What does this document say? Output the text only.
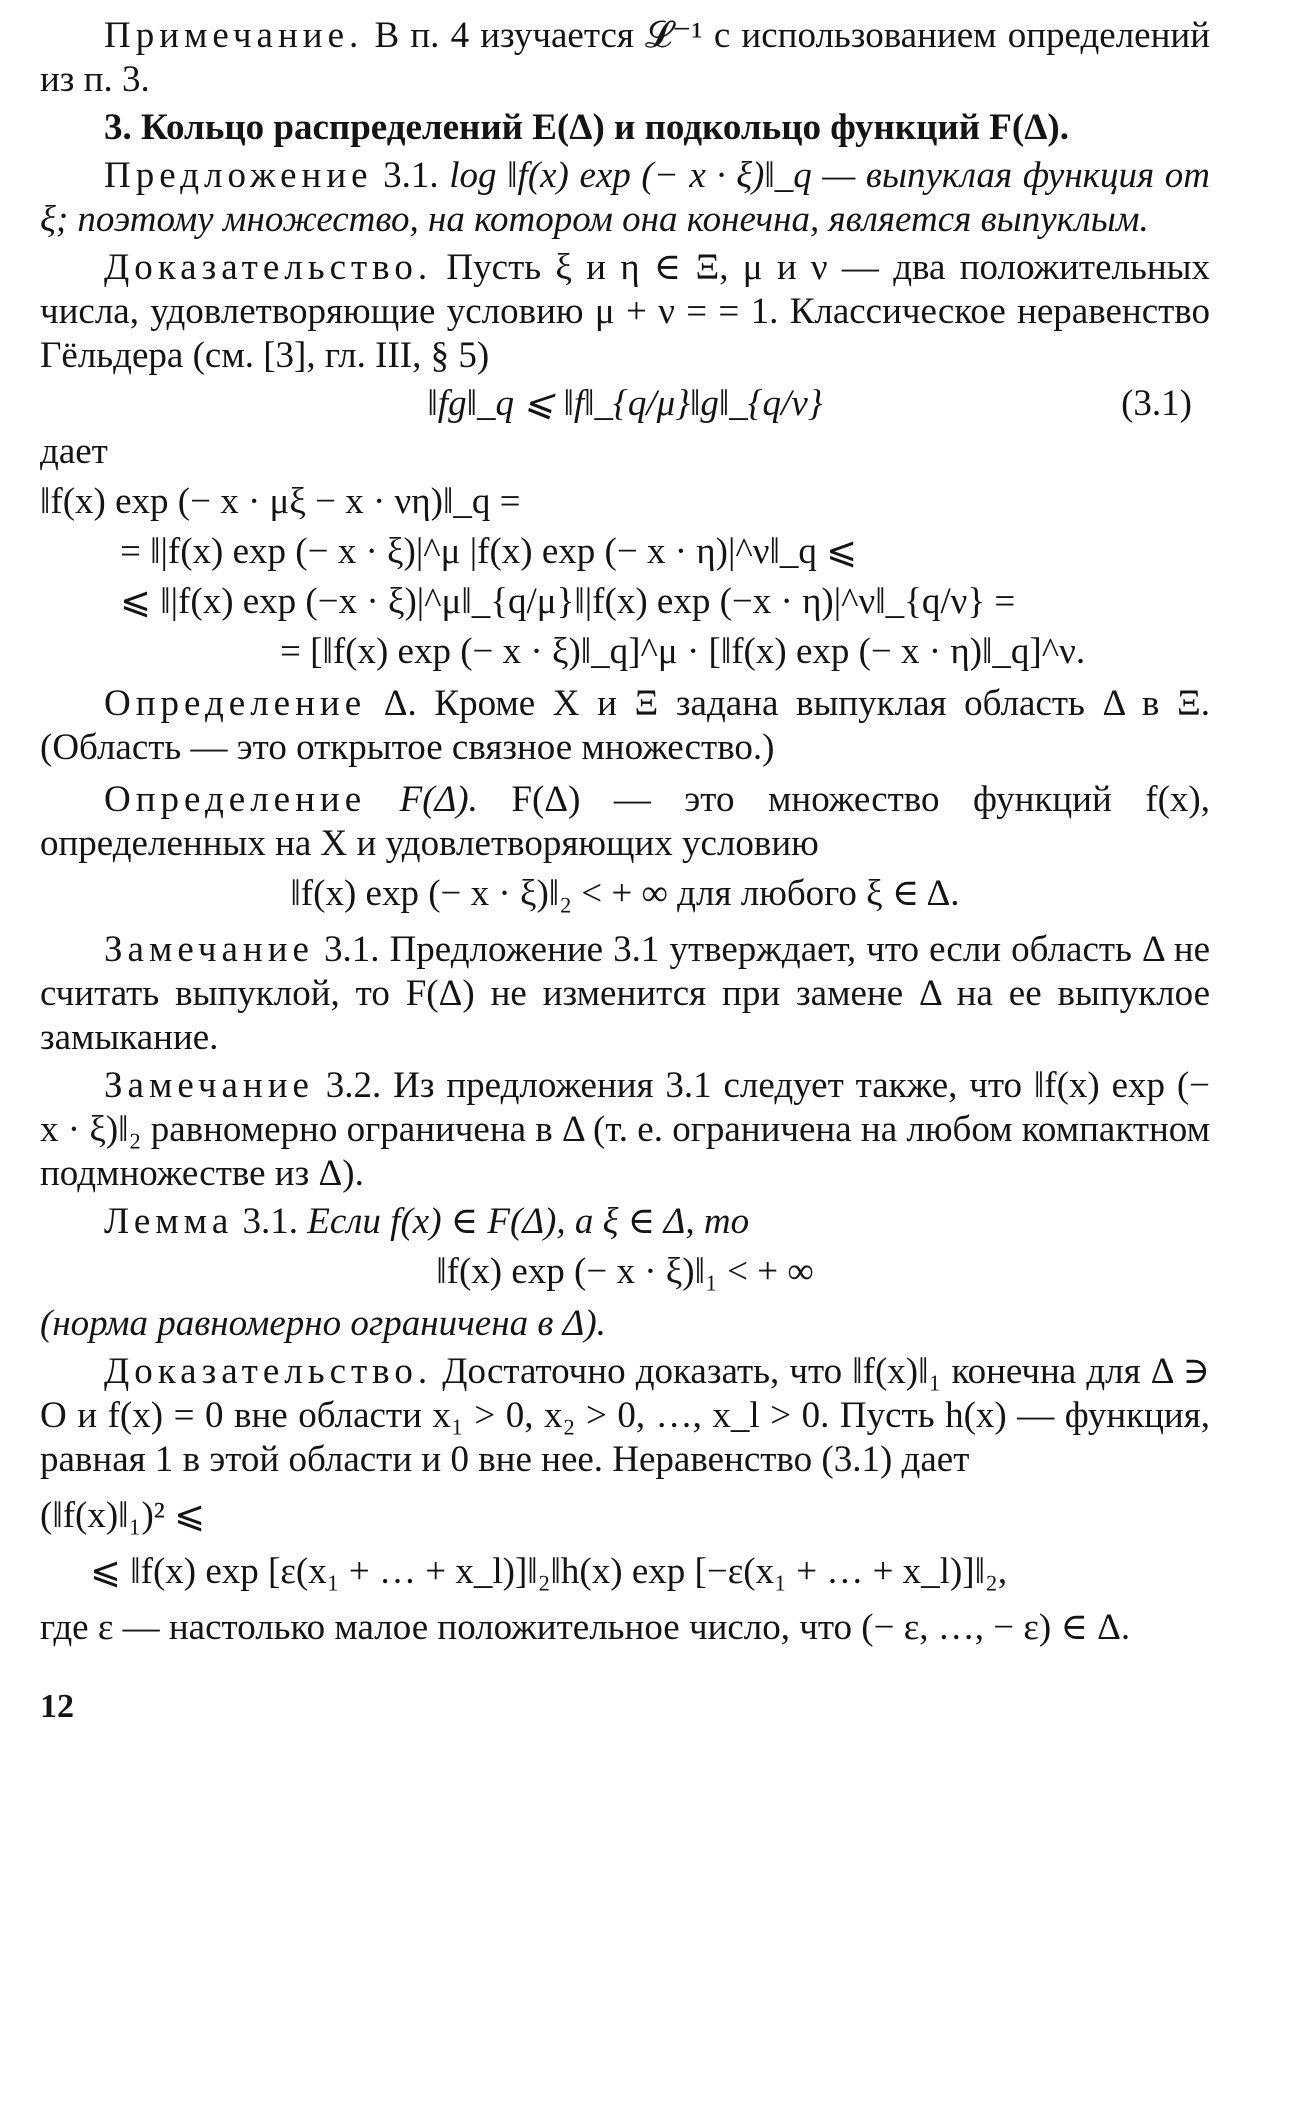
Примечание. В п. 4 изучается 𝓛⁻¹ с использованием определений из п. 3.

3. Кольцо распределений E(Δ) и подкольцо функций F(Δ).

Предложение 3.1. log ‖f(x) exp (− x · ξ)‖_q — выпуклая функция от ξ; поэтому множество, на котором она конечна, является выпуклым.

Доказательство. Пусть ξ и η ∈ Ξ, μ и ν — два положительных числа, удовлетворяющие условию μ + ν = = 1. Классическое неравенство Гёльдера (см. [3], гл. III, § 5)

‖fg‖_q ⩽ ‖f‖_{q/μ}‖g‖_{q/ν}	(3.1)

дает

‖f(x) exp (− x · μξ − x · νη)‖_q =
= ‖|f(x) exp (− x · ξ)|^μ |f(x) exp (− x · η)|^ν‖_q ⩽
⩽ ‖|f(x) exp (−x · ξ)|^μ‖_{q/μ}‖|f(x) exp (−x · η)|^ν‖_{q/ν} =
= [‖f(x) exp (− x · ξ)‖_q]^μ · [‖f(x) exp (− x · η)‖_q]^ν.

Определение Δ. Кроме X и Ξ задана выпуклая область Δ в Ξ. (Область — это открытое связное множество.)

Определение F(Δ). F(Δ) — это множество функций f(x), определенных на X и удовлетворяющих условию

‖f(x) exp (− x · ξ)‖₂ < + ∞ для любого ξ ∈ Δ.

Замечание 3.1. Предложение 3.1 утверждает, что если область Δ не считать выпуклой, то F(Δ) не изменится при замене Δ на ее выпуклое замыкание.

Замечание 3.2. Из предложения 3.1 следует также, что ‖f(x) exp (− x · ξ)‖₂ равномерно ограничена в Δ (т. е. ограничена на любом компактном подмножестве из Δ).

Лемма 3.1. Если f(x) ∈ F(Δ), а ξ ∈ Δ, то

‖f(x) exp (− x · ξ)‖₁ < + ∞

(норма равномерно ограничена в Δ).

Доказательство. Достаточно доказать, что ‖f(x)‖₁ конечна для Δ ∋ O и f(x) = 0 вне области x₁ > 0, x₂ > 0, …, x_l > 0. Пусть h(x) — функция, равная 1 в этой области и 0 вне нее. Неравенство (3.1) дает

(‖f(x)‖₁)² ⩽
⩽ ‖f(x) exp [ε(x₁ + … + x_l)]‖₂‖h(x) exp [−ε(x₁ + … + x_l)]‖₂,

где ε — настолько малое положительное число, что (− ε, …, − ε) ∈ Δ.

12
